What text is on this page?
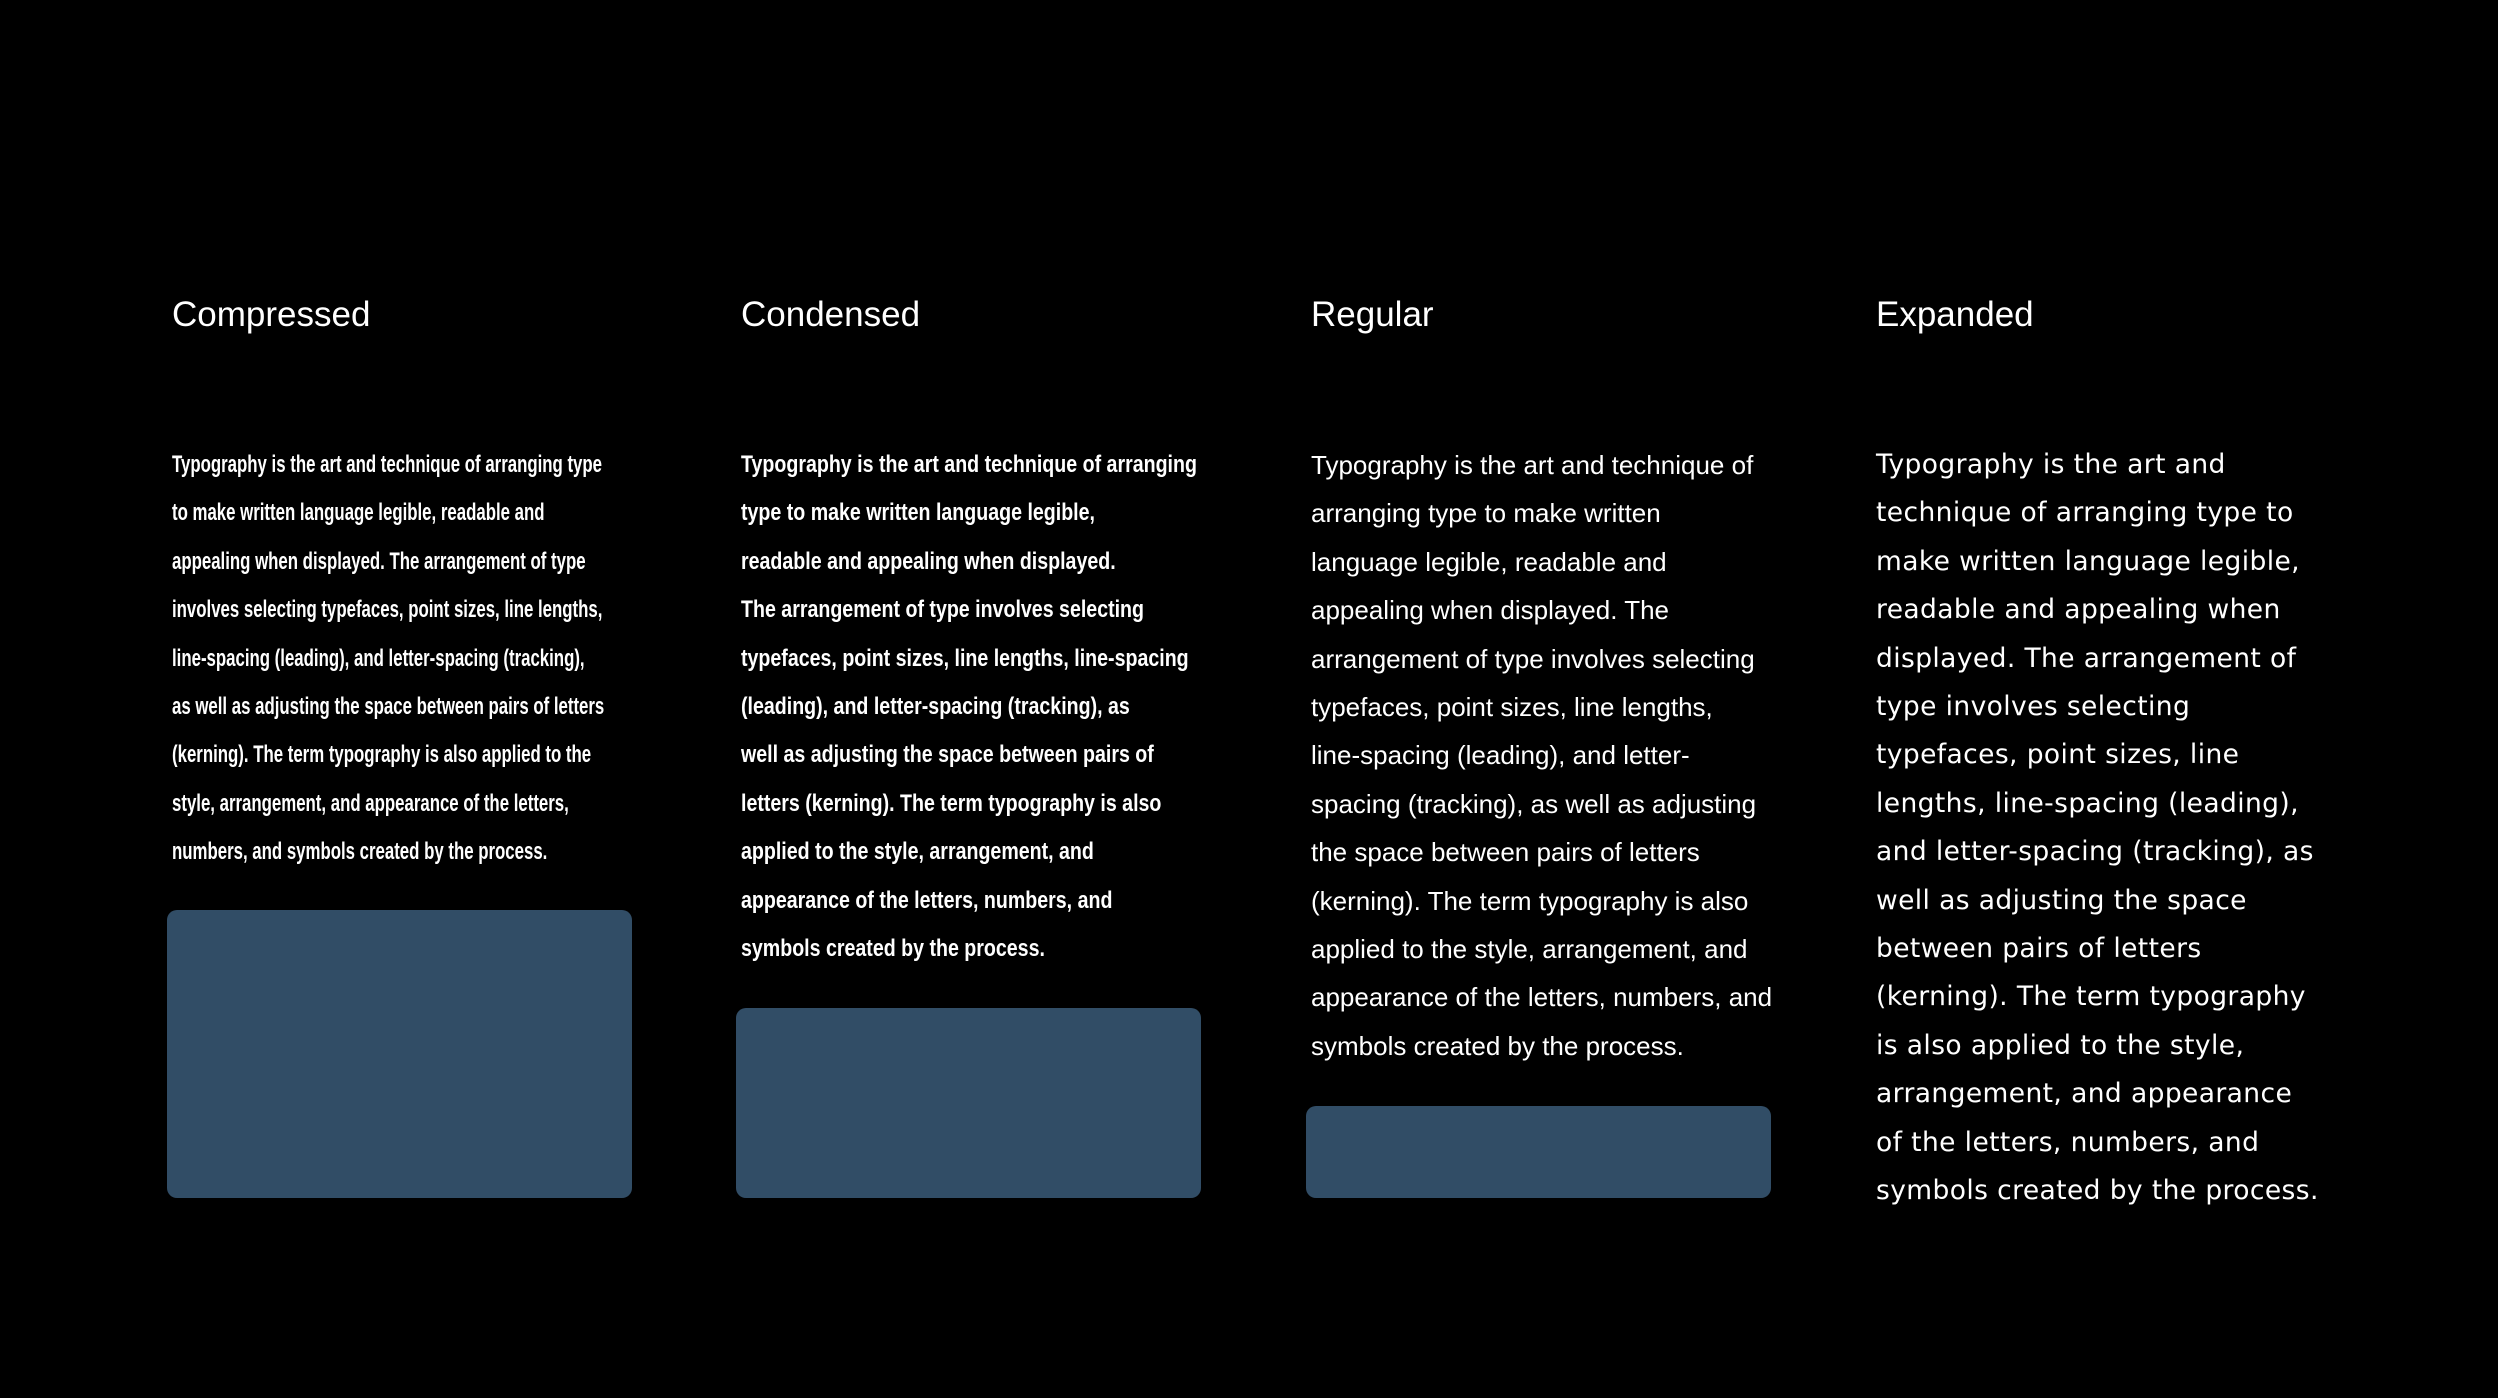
Compressed

Typography is the art and technique of arranging type
to make written language legible, readable and
appealing when displayed. The arrangement of type
involves selecting typefaces, point sizes, line lengths,
line-spacing (leading), and letter-spacing (tracking),
as well as adjusting the space between pairs of letters
(kerning). The term typography is also applied to the
style, arrangement, and appearance of the letters,
numbers, and symbols created by the process.

Condensed

Typography is the art and technique of arranging
type to make written language legible,
readable and appealing when displayed.
The arrangement of type involves selecting
typefaces, point sizes, line lengths, line-spacing
(leading), and letter-spacing (tracking), as
well as adjusting the space between pairs of
letters (kerning). The term typography is also
applied to the style, arrangement, and
appearance of the letters, numbers, and
symbols created by the process.

Regular

Typography is the art and technique of
arranging type to make written
language legible, readable and
appealing when displayed. The
arrangement of type involves selecting
typefaces, point sizes, line lengths,
line-spacing (leading), and letter-
spacing (tracking), as well as adjusting
the space between pairs of letters
(kerning). The term typography is also
applied to the style, arrangement, and
appearance of the letters, numbers, and
symbols created by the process.

Expanded

Typography is the art and
technique of arranging type to
make written language legible,
readable and appealing when
displayed. The arrangement of
type involves selecting
typefaces, point sizes, line
lengths, line-spacing (leading),
and letter-spacing (tracking), as
well as adjusting the space
between pairs of letters
(kerning). The term typography
is also applied to the style,
arrangement, and appearance
of the letters, numbers, and
symbols created by the process.
